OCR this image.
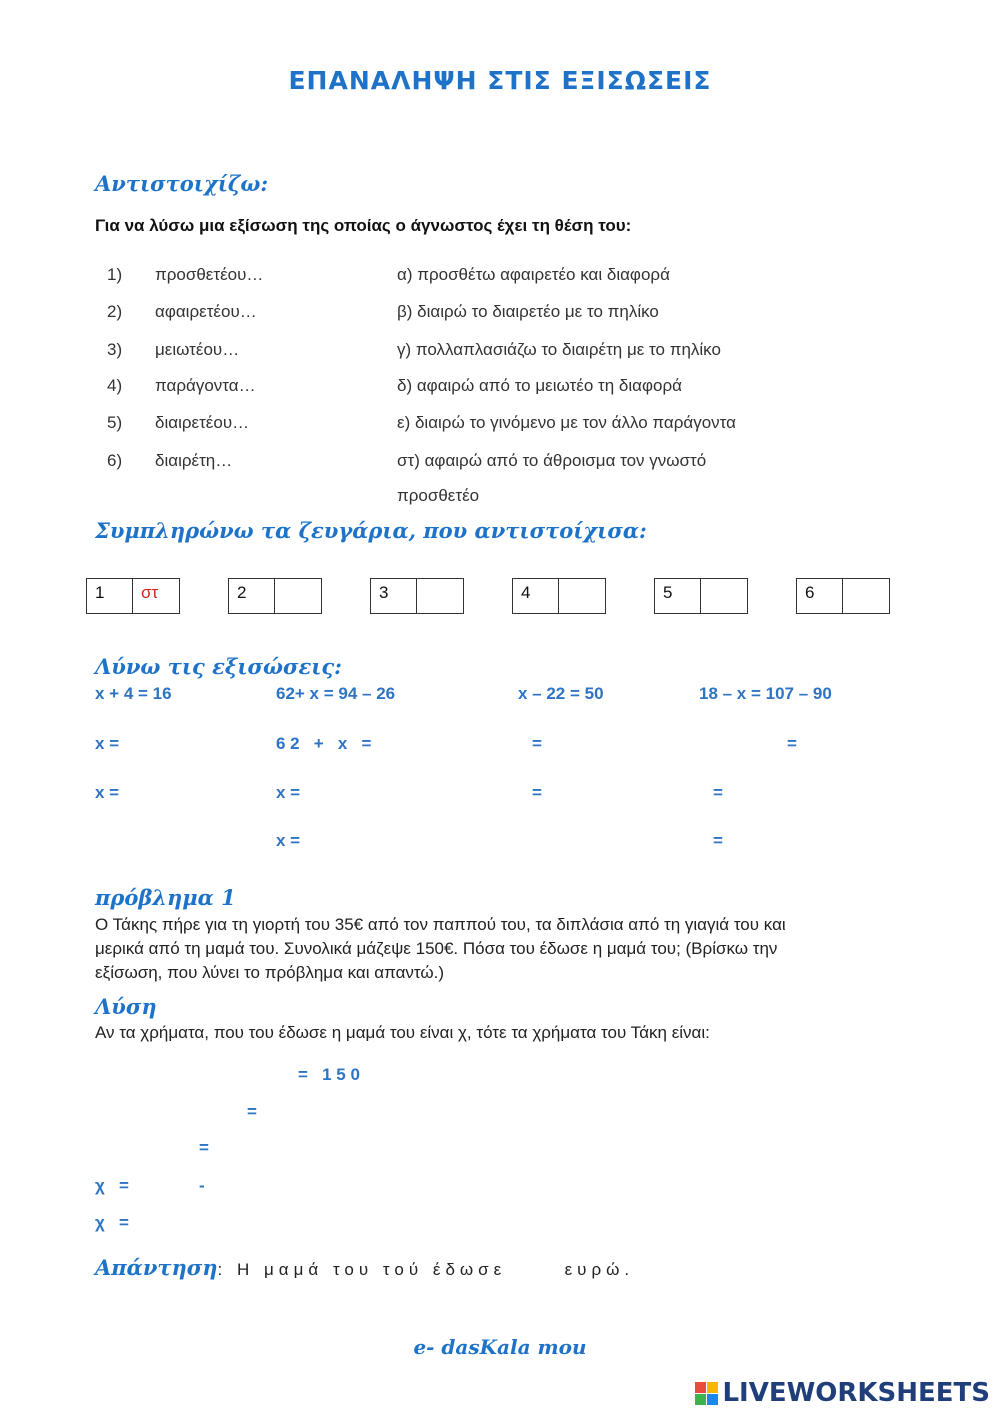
ΕΠΑΝΑΛΗΨΗ ΣΤΙΣ ΕΞΙΣΩΣΕΙΣ
Αντιστοιχίζω:
Για να λύσω μια εξίσωση της οποίας ο άγνωστος έχει τη θέση του:
1) προσθετέου…	α) προσθέτω αφαιρετέο και διαφορά
2) αφαιρετέου…	β) διαιρώ το διαιρετέο με το πηλίκο
3) μειωτέου…	γ) πολλαπλασιάζω το διαιρέτη με το πηλίκο
4) παράγοντα…	δ) αφαιρώ από το μειωτέο τη διαφορά
5) διαιρετέου…	ε) διαιρώ το γινόμενο με τον άλλο παράγοντα
6) διαιρέτη…	στ) αφαιρώ από το άθροισμα τον γνωστό
προσθετέο
Συμπληρώνω τα ζευγάρια, που αντιστοίχισα:
1	στ	2	3	4	5	6
Λύνω τις εξισώσεις:
x + 4 = 16
x =
x =
62+ x = 94 – 26
6 2   +   x   =
x =
x =
x – 22 = 50
=
=
18 – x = 107 – 90
=
=
=
πρόβλημα 1
Ο Τάκης πήρε για τη γιορτή του 35€ από τον παππού του, τα διπλάσια από τη γιαγιά του και
μερικά από τη μαμά του. Συνολικά μάζεψε 150€. Πόσα του έδωσε η μαμά του; (Βρίσκω την
εξίσωση, που λύνει το πρόβλημα και απαντώ.)
Λύση
Αν τα χρήματα, που του έδωσε η μαμά του είναι χ, τότε τα χρήματα του Τάκη είναι:
=   1 5 0
=
=
χ   =	-
χ   =
Απάντηση : Η μαμά του τού έδωσε      ευρώ.
e- dasKala mou
LIVEWORKSHEETS
